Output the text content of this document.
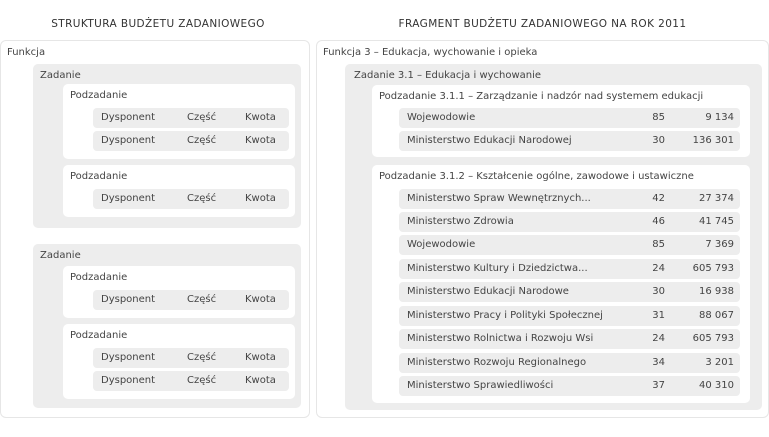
STRUKTURA BUDŻETU ZADANIOWEGO
Funkcja
Zadanie
Podzadanie
Dysponent	Część	Kwota
Dysponent	Część	Kwota
Podzadanie
Dysponent	Część	Kwota
Zadanie
Podzadanie
Dysponent	Część	Kwota
Podzadanie
Dysponent	Część	Kwota
Dysponent	Część	Kwota
FRAGMENT BUDŻETU ZADANIOWEGO NA ROK 2011
Funkcja 3 – Edukacja, wychowanie i opieka
Zadanie 3.1 – Edukacja i wychowanie
Podzadanie 3.1.1 – Zarządzanie i nadzór nad systemem edukacji
Wojewodowie	85	9 134
Ministerstwo Edukacji Narodowej	30	136 301
Podzadanie 3.1.2 – Kształcenie ogólne, zawodowe i ustawiczne
Ministerstwo Spraw Wewnętrznych...	42	27 374
Ministerstwo Zdrowia	46	41 745
Wojewodowie	85	7 369
Ministerstwo Kultury i Dziedzictwa...	24	605 793
Ministerstwo Edukacji Narodowe	30	16 938
Ministerstwo Pracy i Polityki Społecznej	31	88 067
Ministerstwo Rolnictwa i Rozwoju Wsi	24	605 793
Ministerstwo Rozwoju Regionalnego	34	3 201
Ministerstwo Sprawiedliwości	37	40 310
